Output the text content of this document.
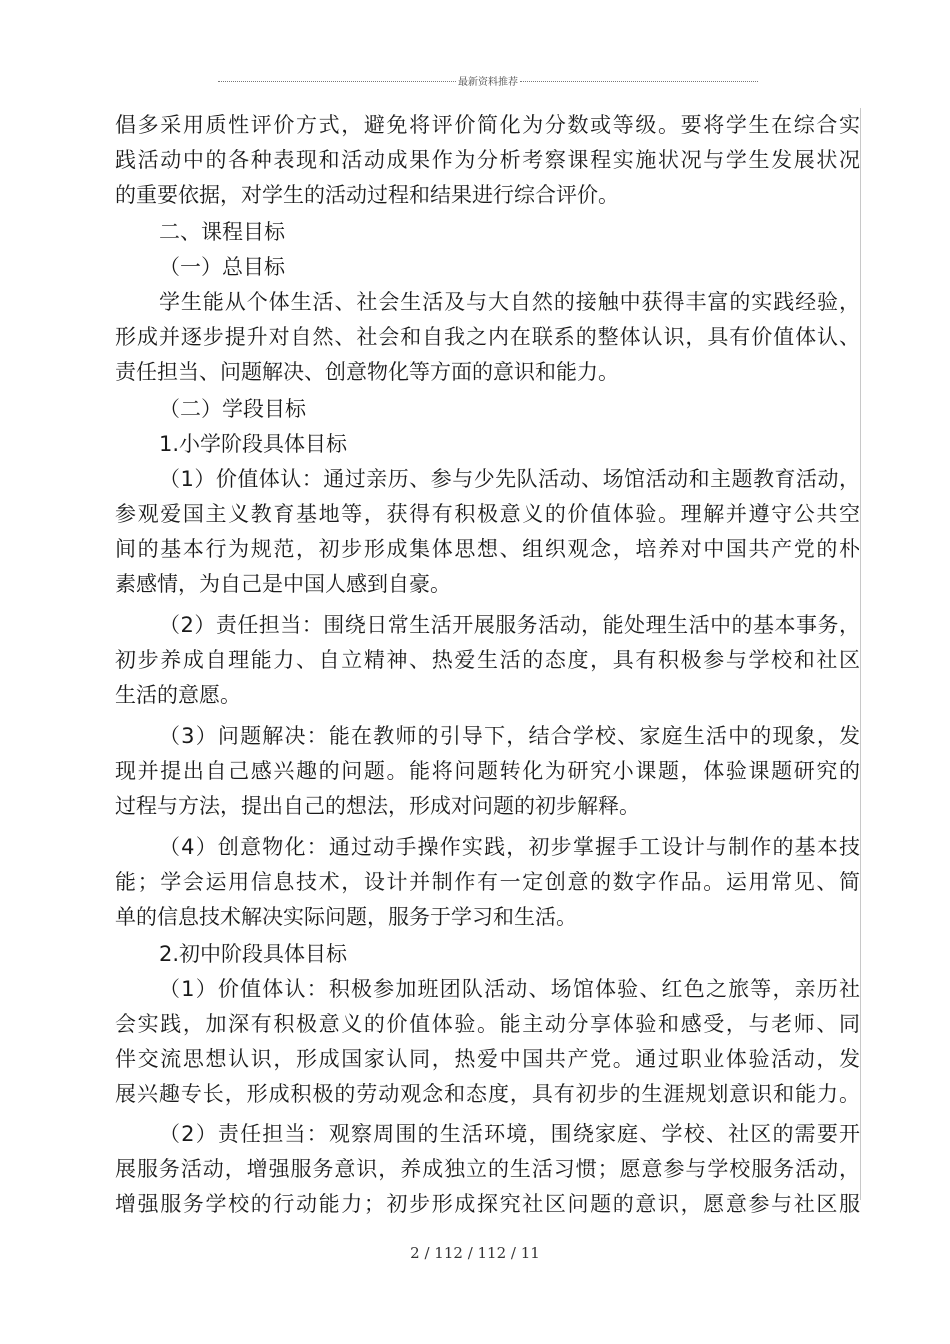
最新资料推荐
倡多采用质性评价方式，避免将评价简化为分数或等级。要将学生在综合实
践活动中的各种表现和活动成果作为分析考察课程实施状况与学生发展状况
的重要依据，对学生的活动过程和结果进行综合评价。
二、课程目标
（一）总目标
学生能从个体生活、社会生活及与大自然的接触中获得丰富的实践经验，
形成并逐步提升对自然、社会和自我之内在联系的整体认识，具有价值体认、
责任担当、问题解决、创意物化等方面的意识和能力。
（二）学段目标
1.小学阶段具体目标
（1）价值体认：通过亲历、参与少先队活动、场馆活动和主题教育活动，
参观爱国主义教育基地等，获得有积极意义的价值体验。理解并遵守公共空
间的基本行为规范，初步形成集体思想、组织观念，培养对中国共产党的朴
素感情，为自己是中国人感到自豪。
（2）责任担当：围绕日常生活开展服务活动，能处理生活中的基本事务，
初步养成自理能力、自立精神、热爱生活的态度，具有积极参与学校和社区
生活的意愿。
（3）问题解决：能在教师的引导下，结合学校、家庭生活中的现象，发
现并提出自己感兴趣的问题。能将问题转化为研究小课题，体验课题研究的
过程与方法，提出自己的想法，形成对问题的初步解释。
（4）创意物化：通过动手操作实践，初步掌握手工设计与制作的基本技
能；学会运用信息技术，设计并制作有一定创意的数字作品。运用常见、简
单的信息技术解决实际问题，服务于学习和生活。
2.初中阶段具体目标
（1）价值体认：积极参加班团队活动、场馆体验、红色之旅等，亲历社
会实践，加深有积极意义的价值体验。能主动分享体验和感受，与老师、同
伴交流思想认识，形成国家认同，热爱中国共产党。通过职业体验活动，发
展兴趣专长，形成积极的劳动观念和态度，具有初步的生涯规划意识和能力。
（2）责任担当：观察周围的生活环境，围绕家庭、学校、社区的需要开
展服务活动，增强服务意识，养成独立的生活习惯；愿意参与学校服务活动，
增强服务学校的行动能力；初步形成探究社区问题的意识，愿意参与社区服
2 / 112 / 112 / 11
